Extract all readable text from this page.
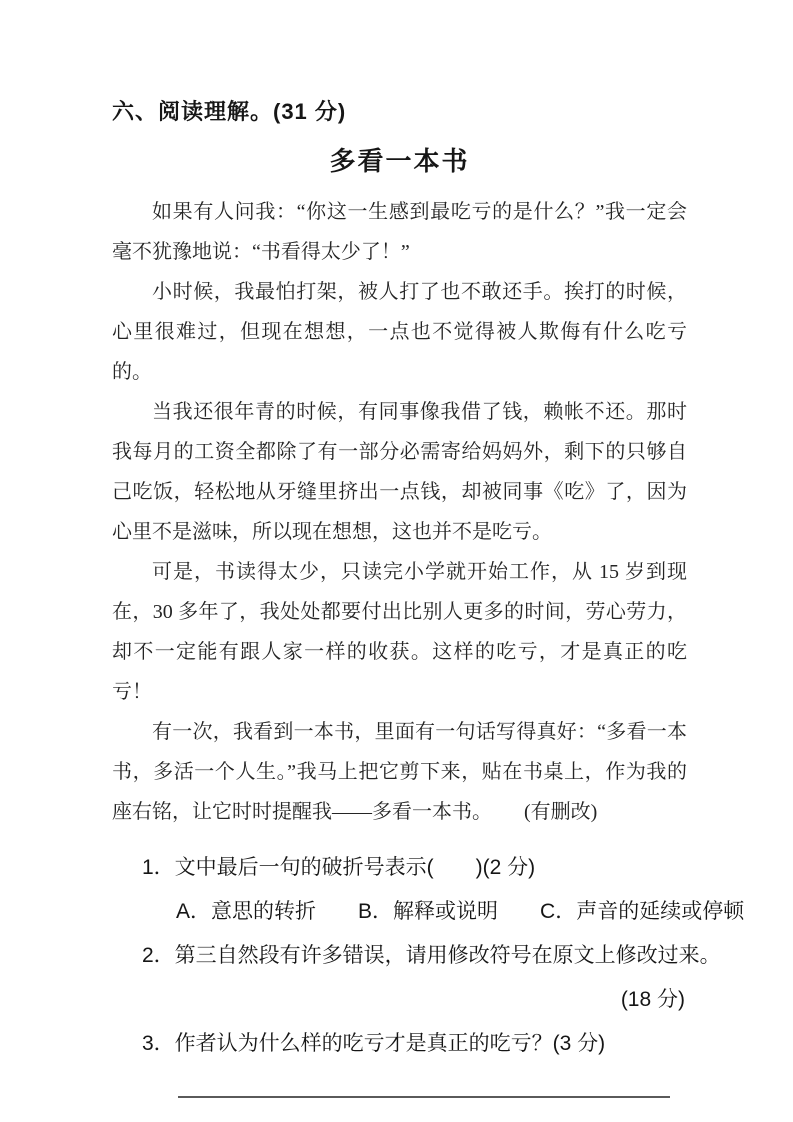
六、阅读理解。(31 分)
多看一本书

如果有人问我：“你这一生感到最吃亏的是什么？”我一定会毫不犹豫地说：“书看得太少了！”

小时候，我最怕打架，被人打了也不敢还手。挨打的时候，心里很难过，但现在想想，一点也不觉得被人欺侮有什么吃亏的。

当我还很年青的时候，有同事像我借了钱，赖帐不还。那时我每月的工资全都除了有一部分必需寄给妈妈外，剩下的只够自己吃饭，轻松地从牙缝里挤出一点钱，却被同事《吃》了，因为心里不是滋味，所以现在想想，这也并不是吃亏。

可是，书读得太少，只读完小学就开始工作，从 15 岁到现在，30 多年了，我处处都要付出比别人更多的时间，劳心劳力，却不一定能有跟人家一样的收获。这样的吃亏，才是真正的吃亏！

有一次，我看到一本书，里面有一句话写得真好：“多看一本书，多活一个人生。”我马上把它剪下来，贴在书桌上，作为我的座右铭，让它时时提醒我——多看一本书。 (有删改)

1．文中最后一句的破折号表示(　　)(2 分)
A．意思的转折 B．解释或说明 C．声音的延续或停顿
2．第三自然段有许多错误，请用修改符号在原文上修改过来。
(18 分)
3．作者认为什么样的吃亏才是真正的吃亏？(3 分)
